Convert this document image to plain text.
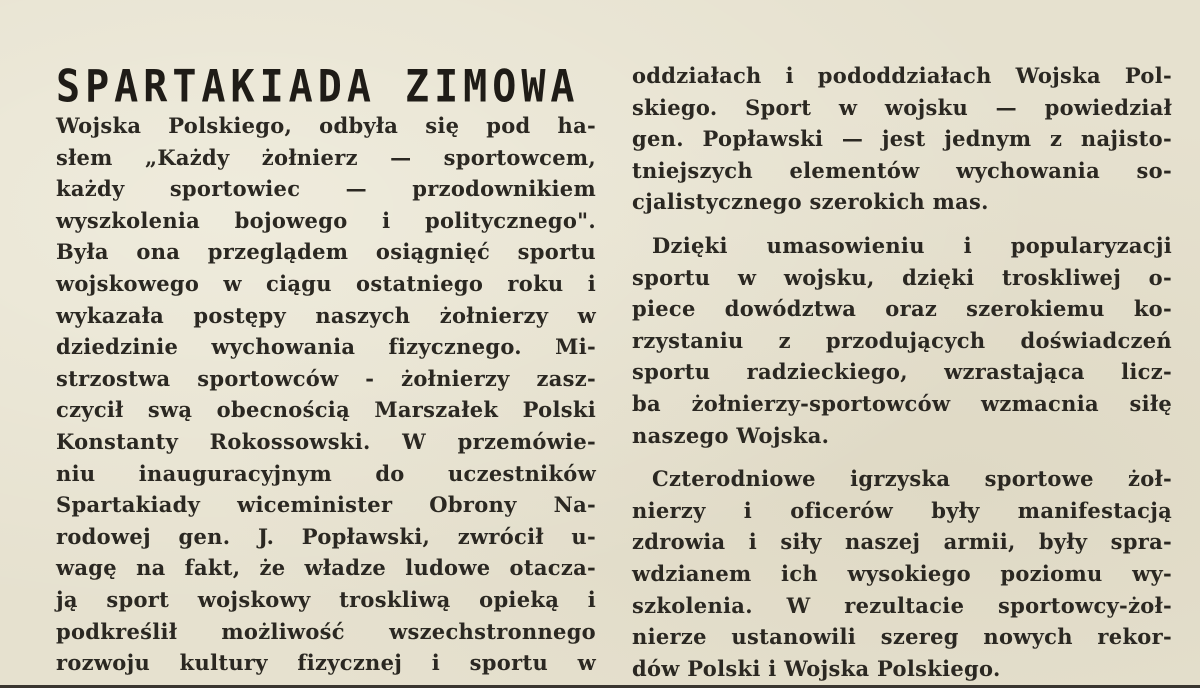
SPARTAKIADA ZIMOWA
Wojska Polskiego, odbyła się pod ha-
słem „Każdy żołnierz — sportowcem,
każdy sportowiec — przodownikiem
wyszkolenia bojowego i politycznego".
Była ona przeglądem osiągnięć sportu
wojskowego w ciągu ostatniego roku i
wykazała postępy naszych żołnierzy w
dziedzinie wychowania fizycznego. Mi-
strzostwa sportowców - żołnierzy zasz-
czycił swą obecnością Marszałek Polski
Konstanty Rokossowski. W przemówie-
niu inauguracyjnym do uczestników
Spartakiady wiceminister Obrony Na-
rodowej gen. J. Popławski, zwrócił u-
wagę na fakt, że władze ludowe otacza-
ją sport wojskowy troskliwą opieką i
podkreślił możliwość wszechstronnego
rozwoju kultury fizycznej i sportu w
oddziałach i pododdziałach Wojska Pol-
skiego. Sport w wojsku — powiedział
gen. Popławski — jest jednym z najisto-
tniejszych elementów wychowania so-
cjalistycznego szerokich mas.
Dzięki umasowieniu i popularyzacji
sportu w wojsku, dzięki troskliwej o-
piece dowództwa oraz szerokiemu ko-
rzystaniu z przodujących doświadczeń
sportu radzieckiego, wzrastająca licz-
ba żołnierzy-sportowców wzmacnia siłę
naszego Wojska.
Czterodniowe igrzyska sportowe żoł-
nierzy i oficerów były manifestacją
zdrowia i siły naszej armii, były spra-
wdzianem ich wysokiego poziomu wy-
szkolenia. W rezultacie sportowcy-żoł-
nierze ustanowili szereg nowych rekor-
dów Polski i Wojska Polskiego.
